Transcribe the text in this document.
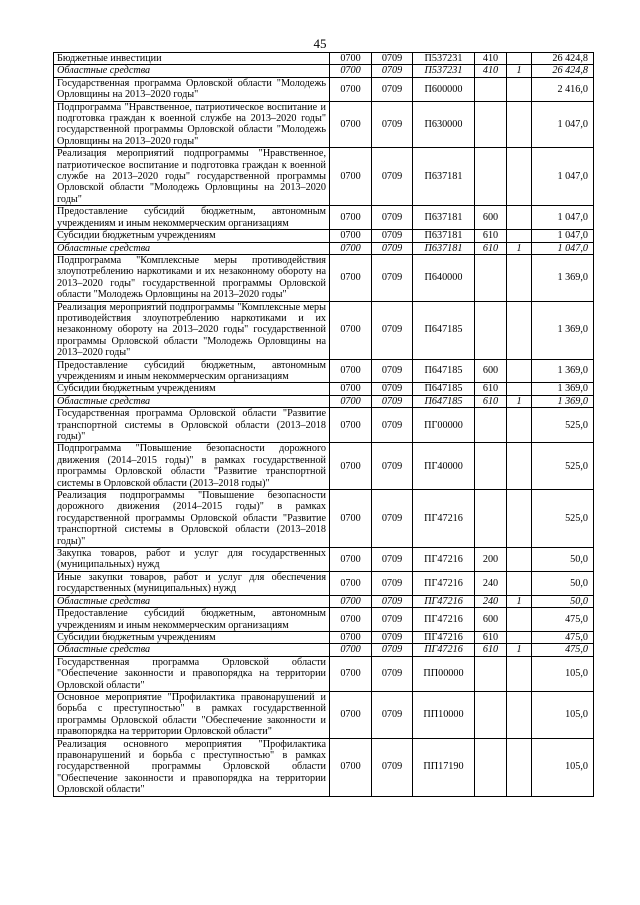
45
Бюджетные инвестиции	0700	0709	П537231	410		26 424,8
Областные средства	0700	0709	П537231	410	1	26 424,8
Государственная программа Орловской области "Молодежь Орловщины на 2013–2020 годы"	0700	0709	П600000			2 416,0
Подпрограмма "Нравственное, патриотическое воспитание и подготовка граждан к военной службе на 2013–2020 годы" государственной программы Орловской области "Молодежь Орловщины на 2013–2020 годы"	0700	0709	П630000			1 047,0
Реализация мероприятий подпрограммы "Нравственное, патриотическое воспитание и подготовка граждан к военной службе на 2013–2020 годы" государственной программы Орловской области "Молодежь Орловщины на 2013–2020 годы"	0700	0709	П637181			1 047,0
Предоставление субсидий бюджетным, автономным учреждениям и иным некоммерческим организациям	0700	0709	П637181	600		1 047,0
Субсидии бюджетным учреждениям	0700	0709	П637181	610		1 047,0
Областные средства	0700	0709	П637181	610	1	1 047,0
Подпрограмма "Комплексные меры противодействия злоупотреблению наркотиками и их незаконному обороту на 2013–2020 годы" государственной программы Орловской области "Молодежь Орловщины на 2013–2020 годы"	0700	0709	П640000			1 369,0
Реализация мероприятий подпрограммы "Комплексные меры противодействия злоупотреблению наркотиками и их незаконному обороту на 2013–2020 годы" государственной программы Орловской области "Молодежь Орловщины на 2013–2020 годы"	0700	0709	П647185			1 369,0
Предоставление субсидий бюджетным, автономным учреждениям и иным некоммерческим организациям	0700	0709	П647185	600		1 369,0
Субсидии бюджетным учреждениям	0700	0709	П647185	610		1 369,0
Областные средства	0700	0709	П647185	610	1	1 369,0
Государственная программа Орловской области "Развитие транспортной системы в Орловской области (2013–2018 годы)"	0700	0709	ПГ00000			525,0
Подпрограмма "Повышение безопасности дорожного движения (2014–2015 годы)" в рамках государственной программы Орловской области "Развитие транспортной системы в Орловской области (2013–2018 годы)"	0700	0709	ПГ40000			525,0
Реализация подпрограммы "Повышение безопасности дорожного движения (2014–2015 годы)" в рамках государственной программы Орловской области "Развитие транспортной системы в Орловской области (2013–2018 годы)"	0700	0709	ПГ47216			525,0
Закупка товаров, работ и услуг для государственных (муниципальных) нужд	0700	0709	ПГ47216	200		50,0
Иные закупки товаров, работ и услуг для обеспечения государственных (муниципальных) нужд	0700	0709	ПГ47216	240		50,0
Областные средства	0700	0709	ПГ47216	240	1	50,0
Предоставление субсидий бюджетным, автономным учреждениям и иным некоммерческим организациям	0700	0709	ПГ47216	600		475,0
Субсидии бюджетным учреждениям	0700	0709	ПГ47216	610		475,0
Областные средства	0700	0709	ПГ47216	610	1	475,0
Государственная программа Орловской области "Обеспечение законности и правопорядка на территории Орловской области"	0700	0709	ПП00000			105,0
Основное мероприятие "Профилактика правонарушений и борьба с преступностью" в рамках государственной программы Орловской области "Обеспечение законности и правопорядка на территории Орловской области"	0700	0709	ПП10000			105,0
Реализация основного мероприятия "Профилактика правонарушений и борьба с преступностью" в рамках государственной программы Орловской области "Обеспечение законности и правопорядка на территории Орловской области"	0700	0709	ПП17190			105,0
